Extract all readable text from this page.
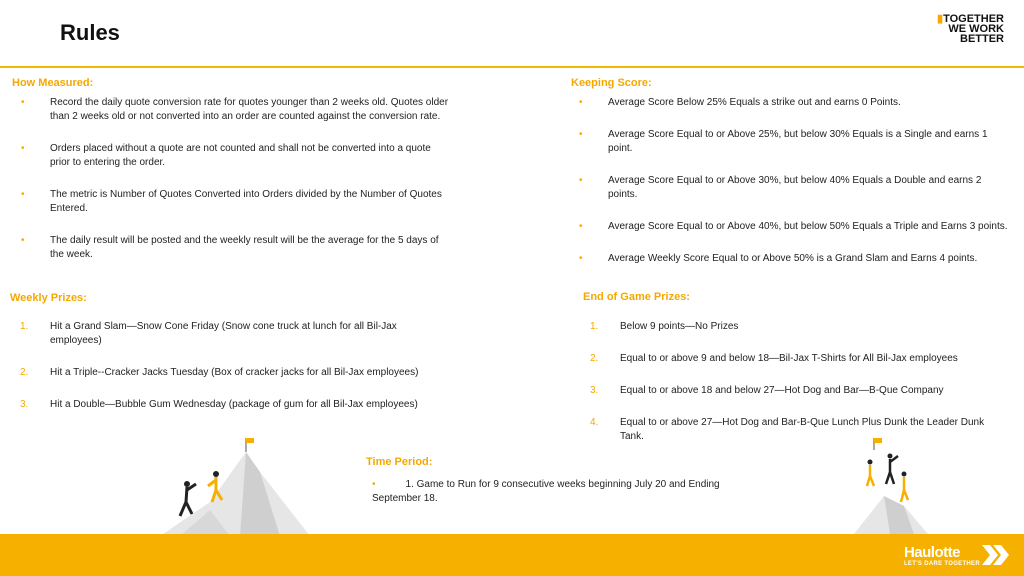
Rules
▮TOGETHER
WE WORK
BETTER
How Measured:
•	Record the daily quote conversion rate for quotes younger than 2 weeks old. Quotes older than 2 weeks old or not converted into an order are counted against the conversion rate.
•	Orders placed without a quote are not counted and shall not be converted into a quote prior to entering the order.
•	The metric is Number of Quotes Converted into Orders divided by the Number of Quotes Entered.
•	The daily result will be posted and the weekly result will be the average for the 5 days of the week.
Weekly Prizes:
1. Hit a Grand Slam—Snow Cone Friday (Snow cone truck at lunch for all Bil-Jax employees)
2. Hit a Triple--Cracker Jacks Tuesday (Box of cracker jacks for all Bil-Jax employees)
3. Hit a Double—Bubble Gum Wednesday (package of gum for all Bil-Jax employees)
Keeping Score:
•	Average Score Below 25% Equals a strike out and earns 0 Points.
•	Average Score Equal to or Above 25%, but below 30% Equals is a Single and earns 1 point.
•	Average Score Equal to or Above 30%, but below 40% Equals a Double and earns 2 points.
•	Average Score Equal to or Above 40%, but below 50% Equals a Triple and Earns 3 points.
•	Average Weekly Score Equal to or Above 50% is a Grand Slam and Earns 4 points.
End of Game Prizes:
1. Below 9 points—No Prizes
2. Equal to or above 9 and below 18—Bil-Jax T-Shirts for All Bil-Jax employees
3. Equal to or above 18 and below 27—Hot Dog and Bar—B-Que Company
4. Equal to or above 27—Hot Dog and Bar-B-Que Lunch Plus Dunk the Leader Dunk Tank.
Time Period:
•	1. Game to Run for 9 consecutive weeks beginning July 20 and Ending September 18.
Haulotte
LET'S DARE TOGETHER
